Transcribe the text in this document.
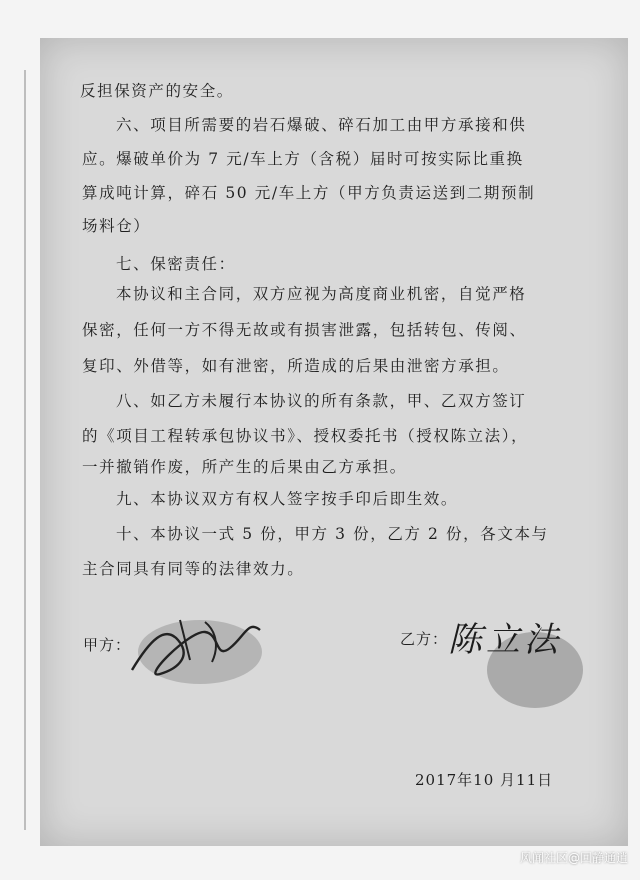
反担保资产的安全。
六、项目所需要的岩石爆破、碎石加工由甲方承接和供
应。爆破单价为 7 元/车上方（含税）届时可按实际比重换
算成吨计算，碎石 50 元/车上方（甲方负责运送到二期预制
场料仓）
七、保密责任：
本协议和主合同，双方应视为高度商业机密，自觉严格
保密，任何一方不得无故或有损害泄露，包括转包、传阅、
复印、外借等，如有泄密，所造成的后果由泄密方承担。
八、如乙方未履行本协议的所有条款，甲、乙双方签订
的《项目工程转承包协议书》、授权委托书（授权陈立法），
一并撤销作废，所产生的后果由乙方承担。
九、本协议双方有权人签字按手印后即生效。
十、本协议一式 5 份，甲方 3 份，乙方 2 份，各文本与
主合同具有同等的法律效力。
甲方：	乙方： 陈立法
2017年10 月11日
风闻社区@回静通逍
